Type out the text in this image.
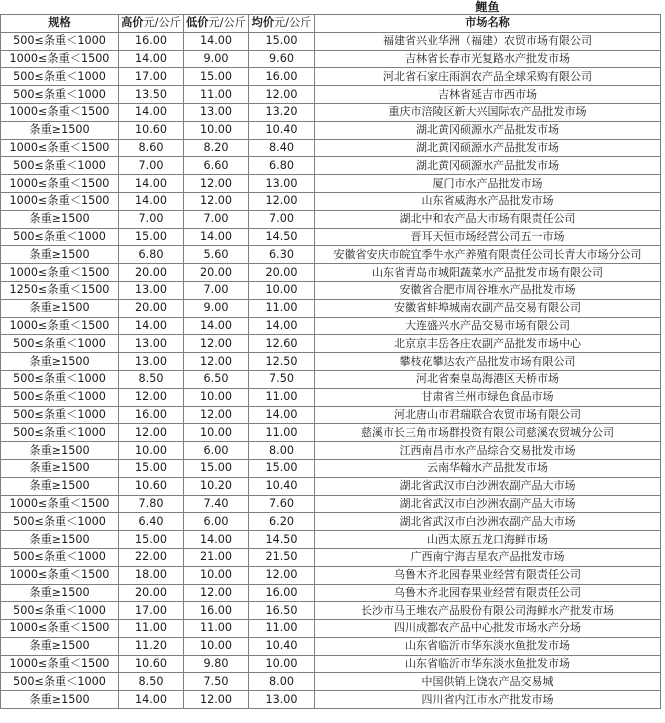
				鲤鱼
规格	高价元/公斤	低价元/公斤	均价元/公斤	市场名称
500≤条重＜1000	16.00	14.00	15.00	福建省兴业华洲（福建）农贸市场有限公司
1000≤条重＜1500	14.00	9.00	9.60	吉林省长春市光复路水产批发市场
500≤条重＜1000	17.00	15.00	16.00	河北省石家庄雨润农产品全球采购有限公司
500≤条重＜1000	13.50	11.00	12.00	吉林省延吉市西市场
1000≤条重＜1500	14.00	13.00	13.20	重庆市涪陵区新大兴国际农产品批发市场
条重≥1500	10.60	10.00	10.40	湖北黄冈硕源水产品批发市场
1000≤条重＜1500	8.60	8.20	8.40	湖北黄冈硕源水产品批发市场
500≤条重＜1000	7.00	6.60	6.80	湖北黄冈硕源水产品批发市场
1000≤条重＜1500	14.00	12.00	13.00	厦门市水产品批发市场
1000≤条重＜1500	14.00	12.00	12.00	山东省威海水产品批发市场
条重≥1500	7.00	7.00	7.00	湖北中和农产品大市场有限责任公司
500≤条重＜1000	15.00	14.00	14.50	晋耳天恒市场经营公司五一市场
条重≥1500	6.80	5.60	6.30	安徽省安庆市皖宜季牛水产养殖有限责任公司长青大市场分公司
1000≤条重＜1500	20.00	20.00	20.00	山东省青岛市城阳蔬菜水产品批发市场有限公司
1250≤条重＜1500	13.00	7.00	10.00	安徽省合肥市周谷堆水产品批发市场
条重≥1500	20.00	9.00	11.00	安徽省蚌埠城南农副产品交易有限公司
1000≤条重＜1500	14.00	14.00	14.00	大连盛兴水产品交易市场有限公司
500≤条重＜1000	13.00	12.00	12.60	北京京丰岳各庄农副产品批发市场中心
条重≥1500	13.00	12.00	12.50	攀枝花攀达农产品批发市场有限公司
500≤条重＜1000	8.50	6.50	7.50	河北省秦皇岛海港区天桥市场
500≤条重＜1000	12.00	10.00	11.00	甘肃省兰州市绿色食品市场
500≤条重＜1000	16.00	12.00	14.00	河北唐山市君瑞联合农贸市场有限公司
500≤条重＜1000	12.00	10.00	11.00	慈溪市长三角市场群投资有限公司慈溪农贸城分公司
条重≥1500	10.00	6.00	8.00	江西南昌市水产品综合交易批发市场
条重≥1500	15.00	15.00	15.00	云南华翰水产品批发市场
条重≥1500	10.60	10.20	10.40	湖北省武汉市白沙洲农副产品大市场
1000≤条重＜1500	7.80	7.40	7.60	湖北省武汉市白沙洲农副产品大市场
500≤条重＜1000	6.40	6.00	6.20	湖北省武汉市白沙洲农副产品大市场
条重≥1500	15.00	14.00	14.50	山西太原五龙口海鲜市场
500≤条重＜1000	22.00	21.00	21.50	广西南宁海吉星农产品批发市场
1000≤条重＜1500	18.00	10.00	12.00	乌鲁木齐北园春果业经营有限责任公司
条重≥1500	20.00	12.00	16.00	乌鲁木齐北园春果业经营有限责任公司
500≤条重＜1000	17.00	16.00	16.50	长沙市马王堆农产品股份有限公司海鲜水产批发市场
1000≤条重＜1500	11.00	11.00	11.00	四川成都农产品中心批发市场水产分场
条重≥1500	11.20	10.00	10.40	山东省临沂市华东淡水鱼批发市场
1000≤条重＜1500	10.60	9.80	10.00	山东省临沂市华东淡水鱼批发市场
500≤条重＜1000	8.50	7.50	8.00	中国供销上饶农产品交易城
条重≥1500	14.00	12.00	13.00	四川省内江市水产批发市场
